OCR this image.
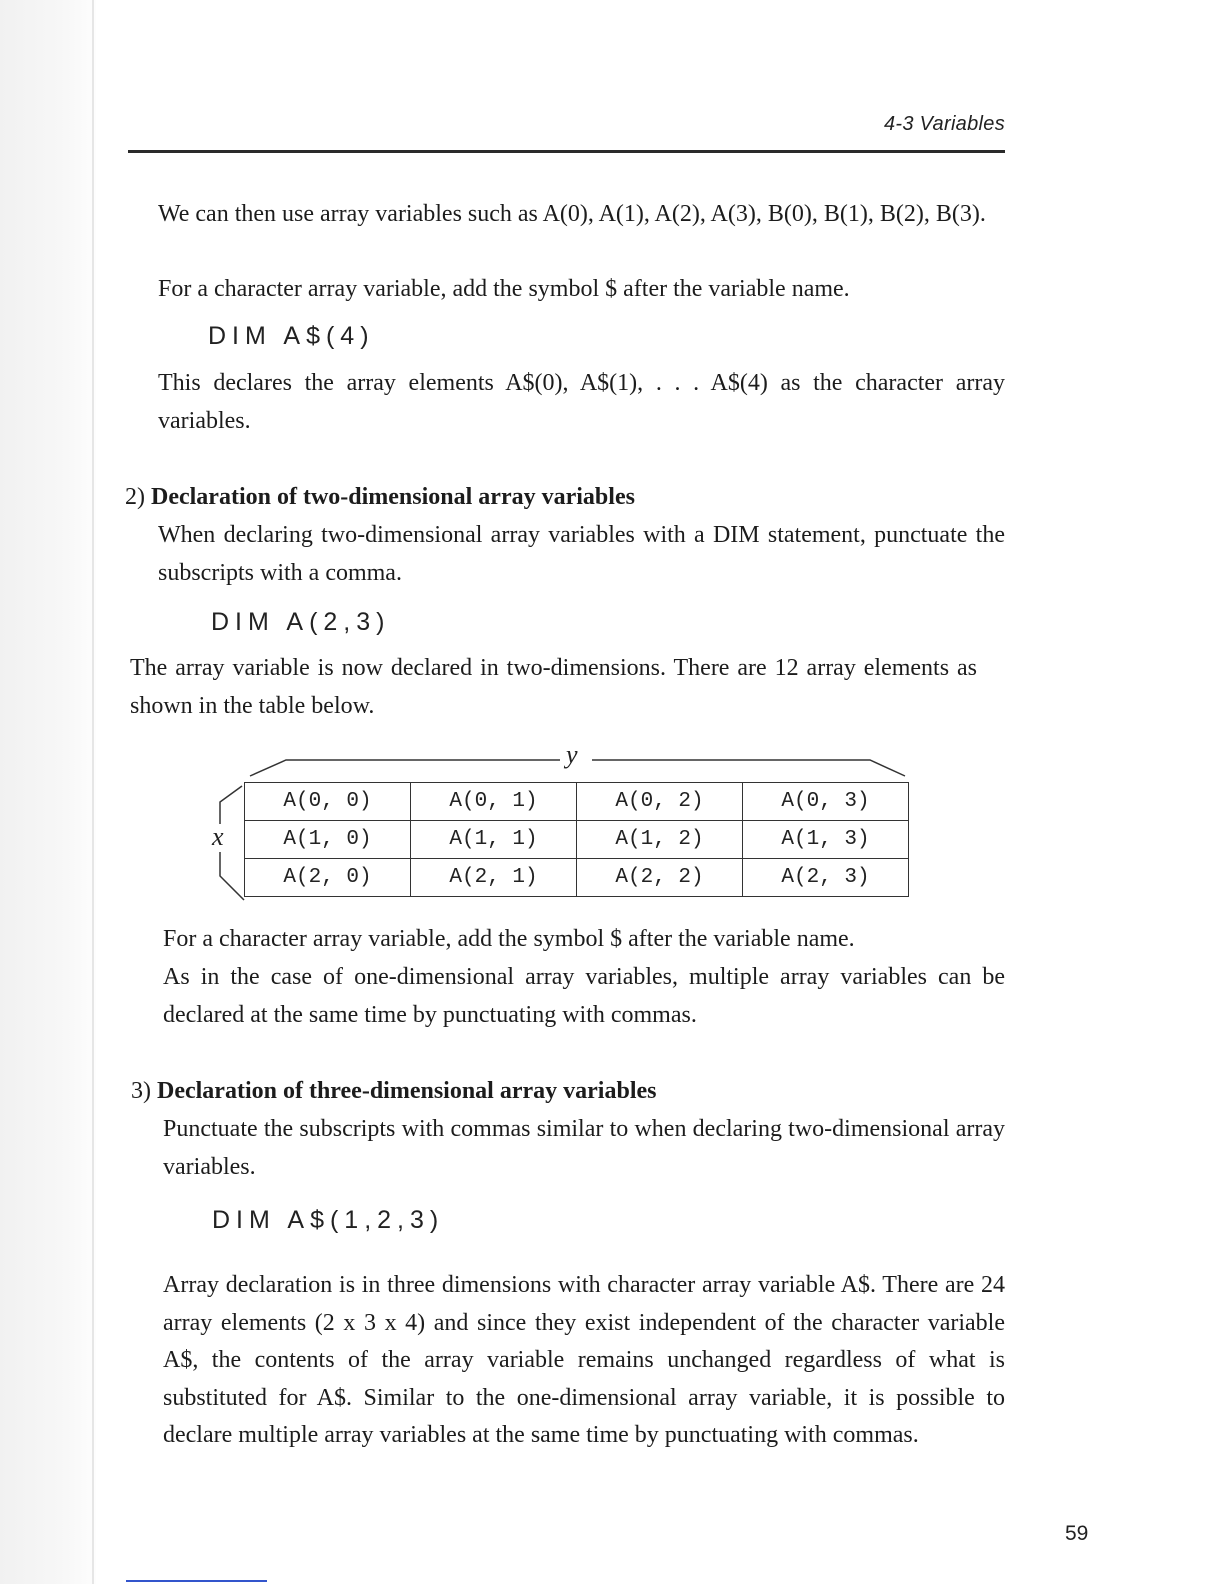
4-3 Variables

We can then use array variables such as A(0), A(1), A(2), A(3), B(0), B(1), B(2), B(3).

For a character array variable, add the symbol $ after the variable name.

DIM A$(4)

This declares the array elements A$(0), A$(1), . . . A$(4) as the character array variables.

2) Declaration of two-dimensional array variables

When declaring two-dimensional array variables with a DIM statement, punctuate the subscripts with a comma.

DIM A(2,3)

The array variable is now declared in two-dimensions. There are 12 array elements as shown in the table below.

y
x
A(0, 0)	A(0, 1)	A(0, 2)	A(0, 3)
A(1, 0)	A(1, 1)	A(1, 2)	A(1, 3)
A(2, 0)	A(2, 1)	A(2, 2)	A(2, 3)

For a character array variable, add the symbol $ after the variable name.

As in the case of one-dimensional array variables, multiple array variables can be declared at the same time by punctuating with commas.

3) Declaration of three-dimensional array variables

Punctuate the subscripts with commas similar to when declaring two-dimensional array variables.

DIM A$(1,2,3)

Array declaration is in three dimensions with character array variable A$. There are 24 array elements (2 x 3 x 4) and since they exist independent of the character variable A$, the contents of the array variable remains unchanged regardless of what is substituted for A$. Similar to the one-dimensional array variable, it is possible to declare multiple array variables at the same time by punctuating with commas.

59
